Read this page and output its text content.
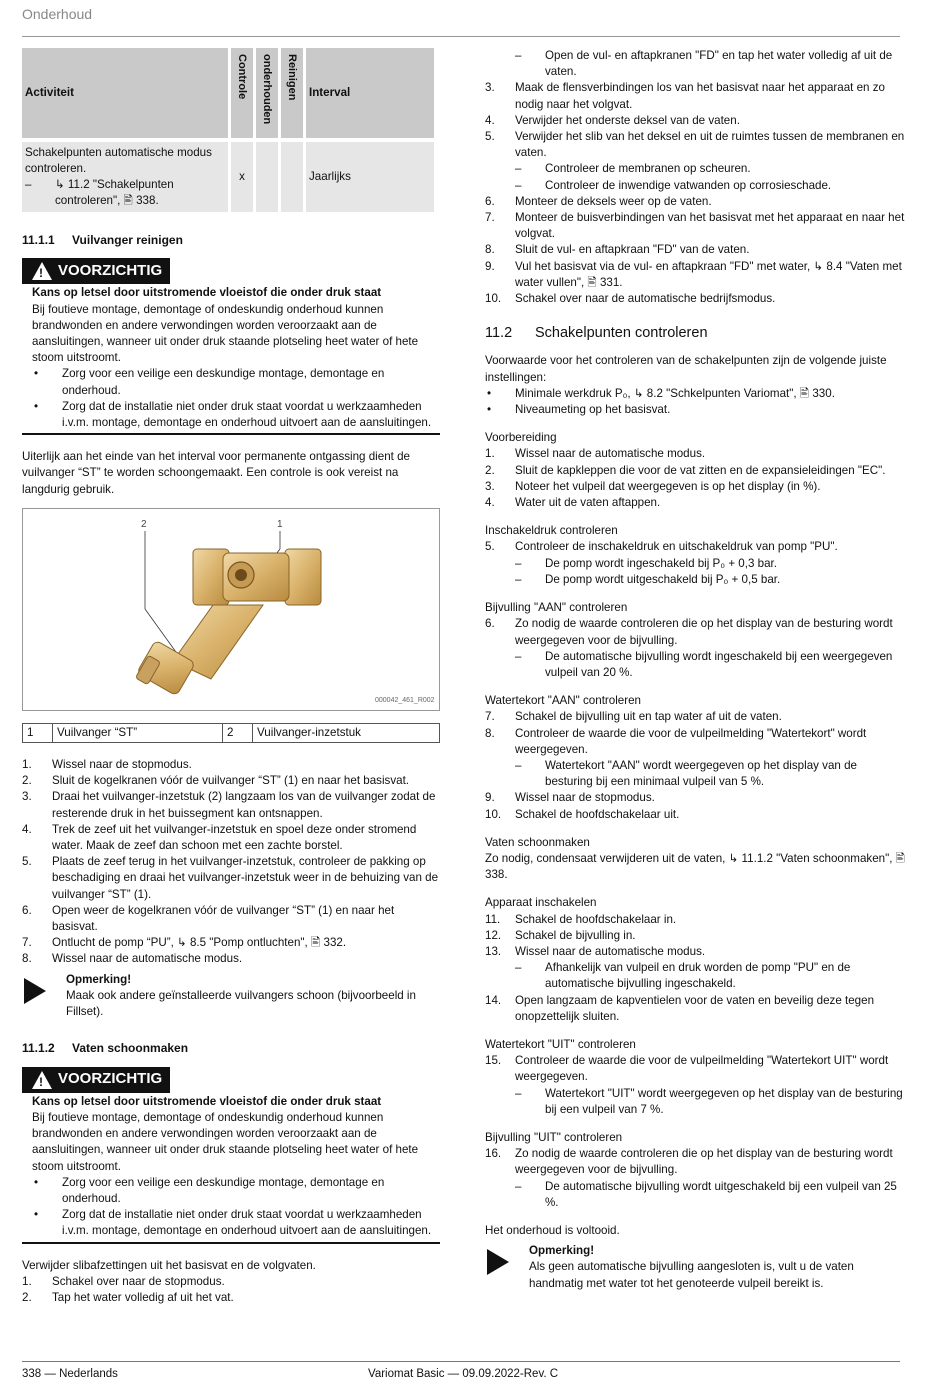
Onderhoud
Activiteit	Controle	onderhouden	Reinigen	Interval

Schakelpunten automatische modus controleren.
– ↳ 11.2 "Schakelpunten controleren", 🖹 338.	x			Jaarlijks
11.1.1	Vuilvanger reinigen
!
VOORZICHTIG
Kans op letsel door uitstromende vloeistof die onder druk staat

Bij foutieve montage, demontage of ondeskundig onderhoud kunnen brandwonden en andere verwondingen worden veroorzaakt aan de aansluitingen, wanneer uit onder druk staande plotseling heet water of hete stoom uitstroomt.

•	Zorg voor een veilige een deskundige montage, demontage en onderhoud.
•	Zorg dat de installatie niet onder druk staat voordat u werkzaamheden i.v.m. montage, demontage en onderhoud uitvoert aan de aansluitingen.

Uiterlijk aan het einde van het interval voor permanente ontgassing dient de vuilvanger “ST” te worden schoongemaakt. Een controle is ook vereist na langdurig gebruik.

2	1
000042_461_R002
1	Vuilvanger “ST”	2	Vuilvanger-inzetstuk
1.	Wissel naar de stopmodus.
2.	Sluit de kogelkranen vóór de vuilvanger “ST” (1) en naar het basisvat.
3.	Draai het vuilvanger-inzetstuk (2) langzaam los van de vuilvanger zodat de resterende druk in het buissegment kan ontsnappen.
4.	Trek de zeef uit het vuilvanger-inzetstuk en spoel deze onder stromend water. Maak de zeef dan schoon met een zachte borstel.
5.	Plaats de zeef terug in het vuilvanger-inzetstuk, controleer de pakking op beschadiging en draai het vuilvanger-inzetstuk weer in de behuizing van de vuilvanger “ST” (1).
6.	Open weer de kogelkranen vóór de vuilvanger “ST” (1) en naar het basisvat.
7.	Ontlucht de pomp “PU”, ↳ 8.5 "Pomp ontluchten", 🖹 332.
8.	Wissel naar de automatische modus.
Opmerking!
Maak ook andere geïnstalleerde vuilvangers schoon (bijvoorbeeld in Fillset).
11.1.2	Vaten schoonmaken
!
VOORZICHTIG
Kans op letsel door uitstromende vloeistof die onder druk staat

Bij foutieve montage, demontage of ondeskundig onderhoud kunnen brandwonden en andere verwondingen worden veroorzaakt aan de aansluitingen, wanneer uit onder druk staande plotseling heet water of hete stoom uitstroomt.

•	Zorg voor een veilige een deskundige montage, demontage en onderhoud.
•	Zorg dat de installatie niet onder druk staat voordat u werkzaamheden i.v.m. montage, demontage en onderhoud uitvoert aan de aansluitingen.

Verwijder slibafzettingen uit het basisvat en de volgvaten.

1.	Schakel over naar de stopmodus.
2.	Tap het water volledig af uit het vat.
–	Open de vul- en aftapkranen "FD" en tap het water volledig af uit de vaten.
3.	Maak de flensverbindingen los van het basisvat naar het apparaat en zo nodig naar het volgvat.
4.	Verwijder het onderste deksel van de vaten.
5.	Verwijder het slib van het deksel en uit de ruimtes tussen de membranen en vaten.
–	Controleer de membranen op scheuren.
–	Controleer de inwendige vatwanden op corrosieschade.
6.	Monteer de deksels weer op de vaten.
7.	Monteer de buisverbindingen van het basisvat met het apparaat en naar het volgvat.
8.	Sluit de vul- en aftapkraan "FD" van de vaten.
9.	Vul het basisvat via de vul- en aftapkraan "FD" met water, ↳ 8.4 "Vaten met water vullen", 🖹 331.
10.	Schakel over naar de automatische bedrijfsmodus.
11.2	Schakelpunten controleren

Voorwaarde voor het controleren van de schakelpunten zijn de volgende juiste instellingen:

•	Minimale werkdruk P₀, ↳ 8.2 "Schkelpunten Variomat", 🖹 330.
•	Niveaumeting op het basisvat.
Voorbereiding
1.	Wissel naar de automatische modus.
2.	Sluit de kapkleppen die voor de vat zitten en de expansieleidingen "EC".
3.	Noteer het vulpeil dat weergegeven is op het display (in %).
4.	Water uit de vaten aftappen.
Inschakeldruk controleren
5.	Controleer de inschakeldruk en uitschakeldruk van pomp "PU".
–	De pomp wordt ingeschakeld bij P₀ + 0,3 bar.
–	De pomp wordt uitgeschakeld bij P₀ + 0,5 bar.
Bijvulling "AAN" controleren
6.	Zo nodig de waarde controleren die op het display van de besturing wordt weergegeven voor de bijvulling.
–	De automatische bijvulling wordt ingeschakeld bij een weergegeven vulpeil van 20 %.
Watertekort "AAN" controleren
7.	Schakel de bijvulling uit en tap water af uit de vaten.
8.	Controleer de waarde die voor de vulpeilmelding "Watertekort" wordt weergegeven.
–	Watertekort "AAN" wordt weergegeven op het display van de besturing bij een minimaal vulpeil van 5 %.
9.	Wissel naar de stopmodus.
10.	Schakel de hoofdschakelaar uit.
Vaten schoonmaken

Zo nodig, condensaat verwijderen uit de vaten, ↳ 11.1.2 "Vaten schoonmaken", 🖹 338.

Apparaat inschakelen
11.	Schakel de hoofdschakelaar in.
12.	Schakel de bijvulling in.
13.	Wissel naar de automatische modus.
–	Afhankelijk van vulpeil en druk worden de pomp "PU" en de automatische bijvulling ingeschakeld.
14.	Open langzaam de kapventielen voor de vaten en beveilig deze tegen onopzettelijk sluiten.
Watertekort "UIT" controleren
15.	Controleer de waarde die voor de vulpeilmelding "Watertekort UIT" wordt weergegeven.
–	Watertekort "UIT" wordt weergegeven op het display van de besturing bij een vulpeil van 7 %.
Bijvulling "UIT" controleren
16.	Zo nodig de waarde controleren die op het display van de besturing wordt weergegeven voor de bijvulling.
–	De automatische bijvulling wordt uitgeschakeld bij een vulpeil van 25 %.
Het onderhoud is voltooid.
Opmerking!
Als geen automatische bijvulling aangesloten is, vult u de vaten handmatig met water tot het genoteerde vulpeil bereikt is.
338 — Nederlands	Variomat Basic — 09.09.2022-Rev. C
